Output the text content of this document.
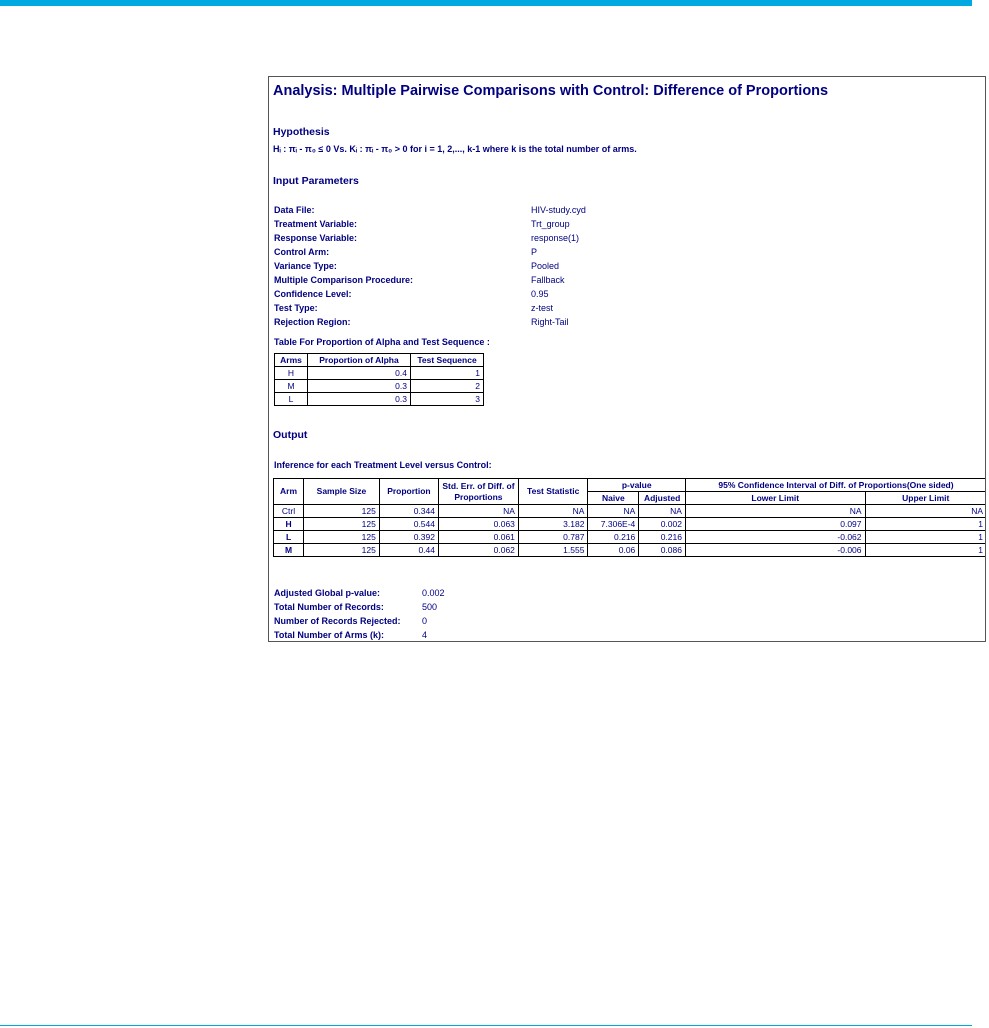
Analysis: Multiple Pairwise Comparisons with Control: Difference of Proportions
Hypothesis
Hᵢ : πᵢ - π₀ ≤ 0 Vs. Kᵢ : πᵢ - π₀ > 0 for i = 1, 2,..., k-1 where k is the total number of arms.
Input Parameters
Data File:	HIV-study.cyd
Treatment Variable:	Trt_group
Response Variable:	response(1)
Control Arm:	P
Variance Type:	Pooled
Multiple Comparison Procedure:	Fallback
Confidence Level:	0.95
Test Type:	z-test
Rejection Region:	Right-Tail
Table For Proportion of Alpha and Test Sequence :
Arms	Proportion of Alpha	Test Sequence
H	0.4	1
M	0.3	2
L	0.3	3
Output
Inference for each Treatment Level versus Control:
Arm	Sample Size	Proportion	Std. Err. of Diff. of Proportions	Test Statistic	p-value		95% Confidence Interval of Diff. of Proportions(One sided)	
					Naive	Adjusted	Lower Limit	Upper Limit
Ctrl	125	0.344	NA	NA	NA	NA	NA	NA
H	125	0.544	0.063	3.182	7.306E-4	0.002	0.097	1
L	125	0.392	0.061	0.787	0.216	0.216	-0.062	1
M	125	0.44	0.062	1.555	0.06	0.086	-0.006	1
Adjusted Global p-value:	0.002
Total Number of Records:	500
Number of Records Rejected: 0
Total Number of Arms (k):	4
